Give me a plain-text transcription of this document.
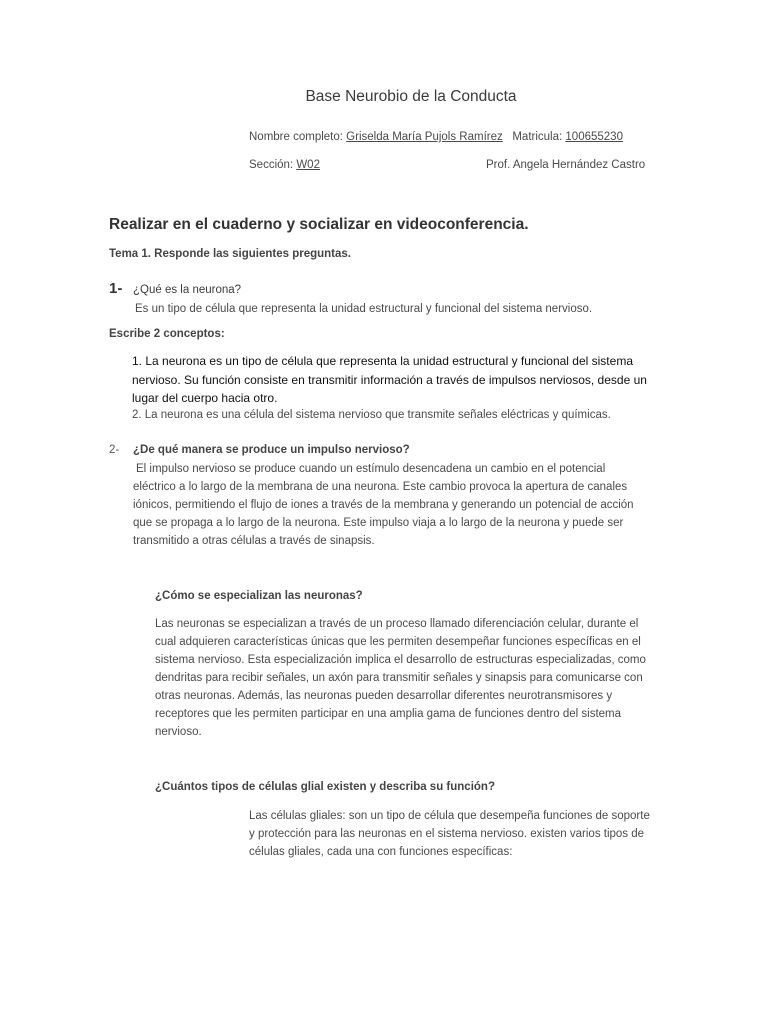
Base Neurobio de la Conducta
Nombre completo: Griselda María Pujols Ramírez Matricula: 100655230
Sección: W02	Prof. Angela Hernández Castro
Realizar en el cuaderno y socializar en videoconferencia.
Tema 1. Responde las siguientes preguntas.
1- ¿Qué es la neurona?
Es un tipo de célula que representa la unidad estructural y funcional del sistema nervioso.
Escribe 2 conceptos:
1. La neurona es un tipo de célula que representa la unidad estructural y funcional del sistema
nervioso. Su función consiste en transmitir información a través de impulsos nerviosos, desde un
lugar del cuerpo hacia otro.
2. La neurona es una célula del sistema nervioso que transmite señales eléctricas y químicas.
2- ¿De qué manera se produce un impulso nervioso?
El impulso nervioso se produce cuando un estímulo desencadena un cambio en el potencial
eléctrico a lo largo de la membrana de una neurona. Este cambio provoca la apertura de canales
iónicos, permitiendo el flujo de iones a través de la membrana y generando un potencial de acción
que se propaga a lo largo de la neurona. Este impulso viaja a lo largo de la neurona y puede ser
transmitido a otras células a través de sinapsis.
¿Cómo se especializan las neuronas?
Las neuronas se especializan a través de un proceso llamado diferenciación celular, durante el
cual adquieren características únicas que les permiten desempeñar funciones específicas en el
sistema nervioso. Esta especialización implica el desarrollo de estructuras especializadas, como
dendritas para recibir señales, un axón para transmitir señales y sinapsis para comunicarse con
otras neuronas. Además, las neuronas pueden desarrollar diferentes neurotransmisores y
receptores que les permiten participar en una amplia gama de funciones dentro del sistema
nervioso.
¿Cuántos tipos de células glial existen y describa su función?
Las células gliales: son un tipo de célula que desempeña funciones de soporte
y protección para las neuronas en el sistema nervioso. existen varios tipos de
células gliales, cada una con funciones específicas:
